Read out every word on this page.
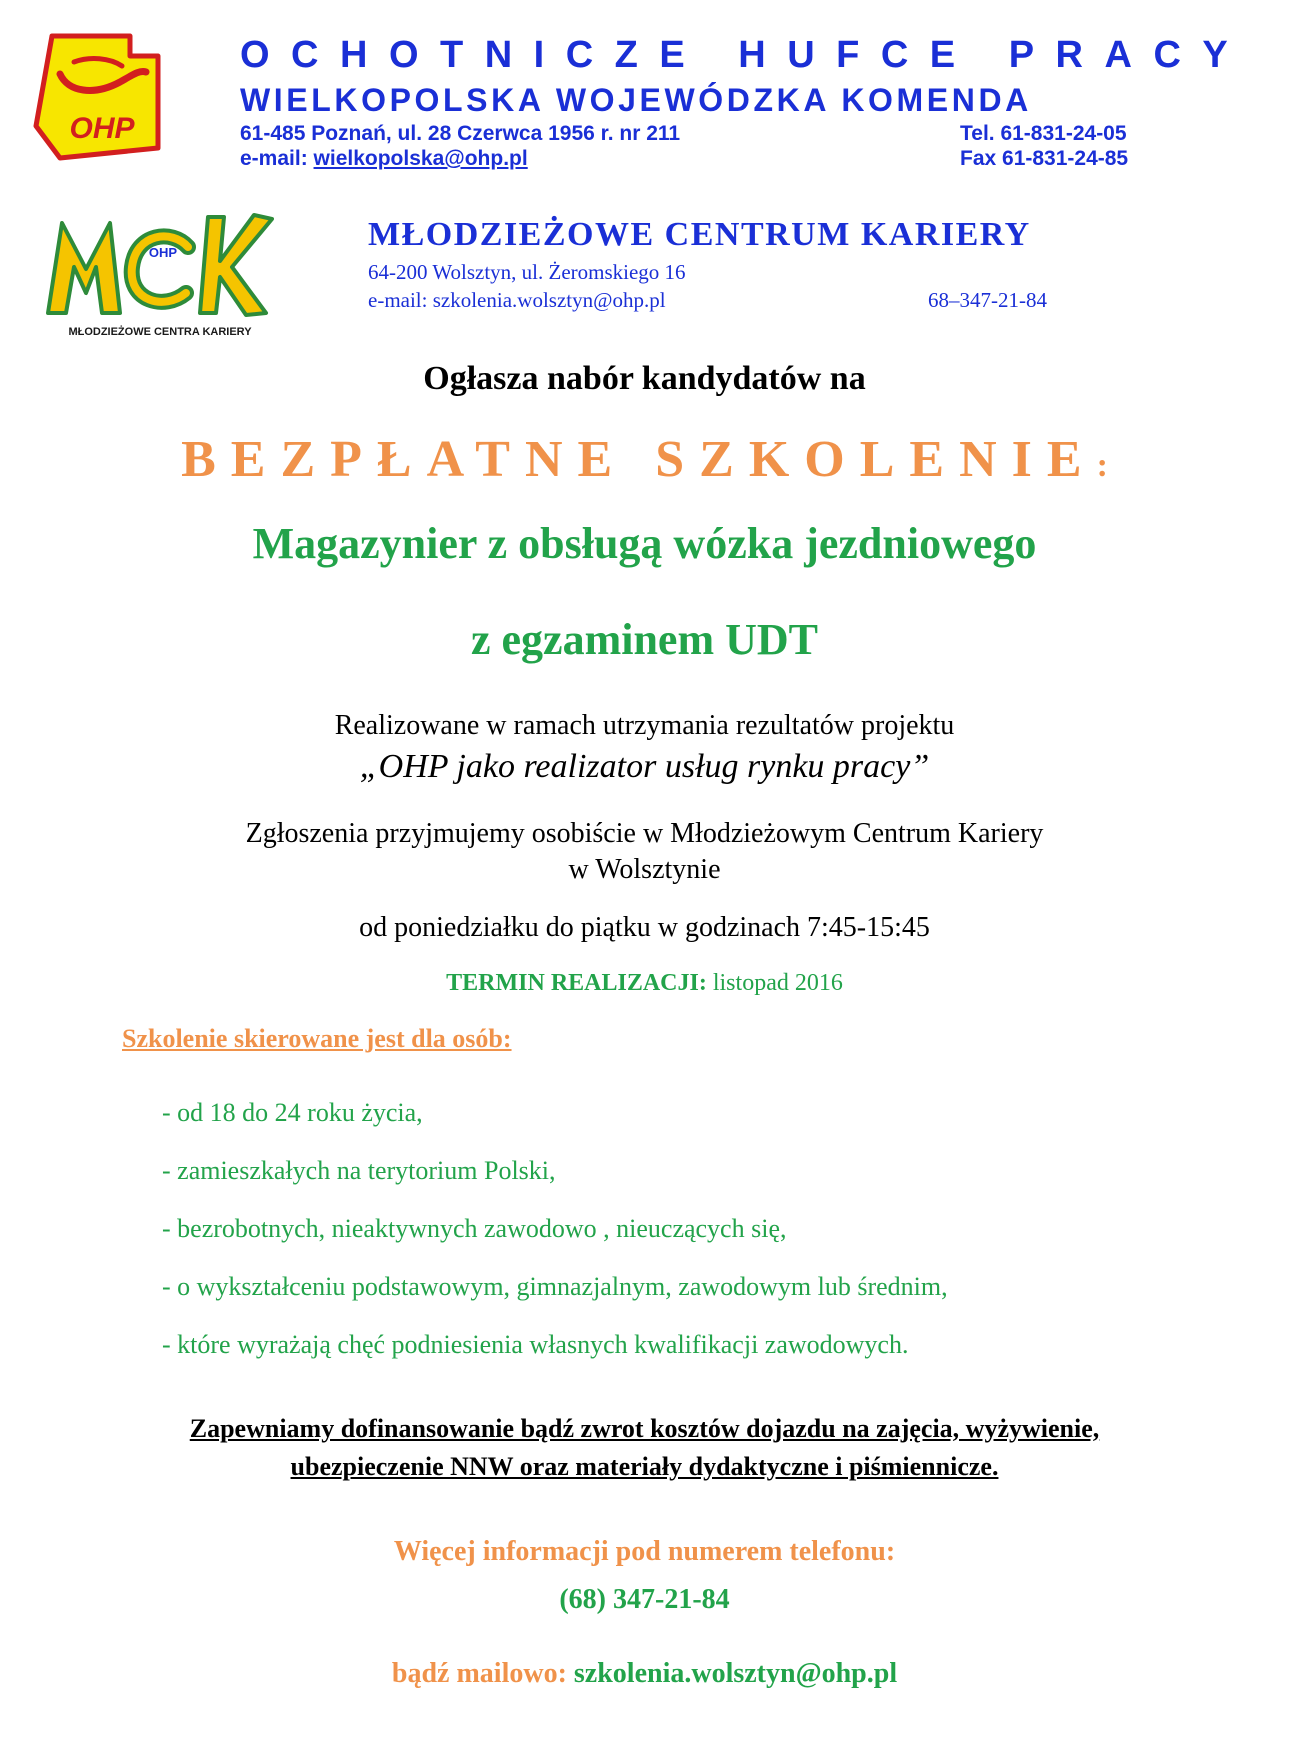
OHP
OCHOTNICZE HUFCE PRACY
WIELKOPOLSKA WOJEWÓDZKA KOMENDA
61-485 Poznań, ul. 28 Czerwca 1956 r. nr 211	Tel. 61-831-24-05
e-mail: wielkopolska@ohp.pl	Fax 61-831-24-85
OHP
MŁODZIEŻOWE CENTRA KARIERY
MŁODZIEŻOWE CENTRUM KARIERY
64-200 Wolsztyn, ul. Żeromskiego 16
e-mail: szkolenia.wolsztyn@ohp.pl	68–347-21-84
Ogłasza nabór kandydatów na
BEZPŁATNE SZKOLENIE:
Magazynier z obsługą wózka jezdniowego
z egzaminem UDT
Realizowane w ramach utrzymania rezultatów projektu
„OHP jako realizator usług rynku pracy”
Zgłoszenia przyjmujemy osobiście w Młodzieżowym Centrum Kariery
w Wolsztynie
od poniedziałku do piątku w godzinach 7:45-15:45
TERMIN REALIZACJI: listopad 2016
Szkolenie skierowane jest dla osób:
- od 18 do 24 roku życia,
- zamieszkałych na terytorium Polski,
- bezrobotnych, nieaktywnych zawodowo , nieuczących się,
- o wykształceniu podstawowym, gimnazjalnym, zawodowym lub średnim,
- które wyrażają chęć podniesienia własnych kwalifikacji zawodowych.
Zapewniamy dofinansowanie bądź zwrot kosztów dojazdu na zajęcia, wyżywienie,
ubezpieczenie NNW oraz materiały dydaktyczne i piśmiennicze.
Więcej informacji pod numerem telefonu:
(68) 347-21-84
bądź mailowo: szkolenia.wolsztyn@ohp.pl
